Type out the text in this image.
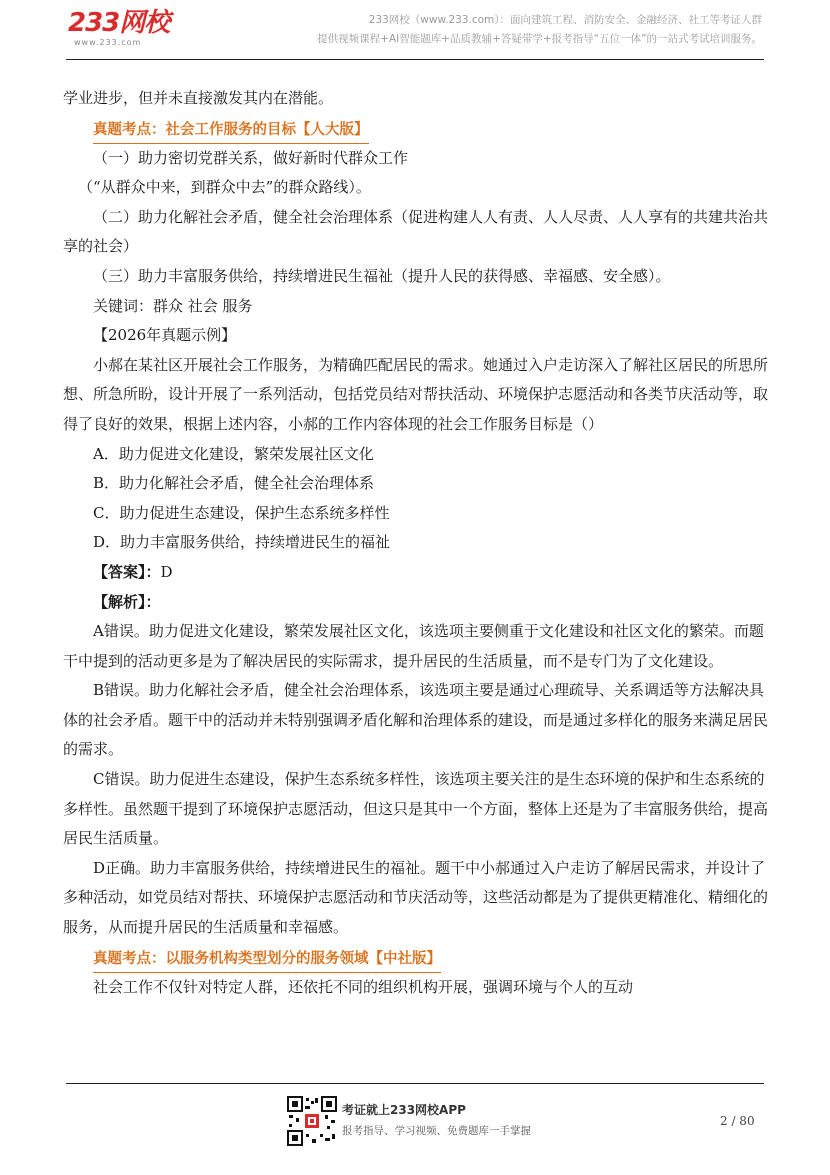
233网校
www.233.com
233网校（www.233.com）：面向建筑工程、消防安全、金融经济、社工等考证人群
提供视频课程+AI智能题库+品质教辅+答疑带学+报考指导“五位一体”的一站式考试培训服务。

学业进步，但并未直接激发其内在潜能。

真题考点：社会工作服务的目标【人大版】

（一）助力密切党群关系，做好新时代群众工作

（“从群众中来，到群众中去”的群众路线）。

（二）助力化解社会矛盾，健全社会治理体系（促进构建人人有责、人人尽责、人人享有的共建共治共享的社会）

（三）助力丰富服务供给，持续增进民生福祉（提升人民的获得感、幸福感、安全感）。

关键词：群众 社会 服务

【2026年真题示例】

小郝在某社区开展社会工作服务，为精确匹配居民的需求。她通过入户走访深入了解社区居民的所思所想、所急所盼，设计开展了一系列活动，包括党员结对帮扶活动、环境保护志愿活动和各类节庆活动等，取得了良好的效果，根据上述内容，小郝的工作内容体现的社会工作服务目标是（）

A．助力促进文化建设，繁荣发展社区文化

B．助力化解社会矛盾，健全社会治理体系

C．助力促进生态建设，保护生态系统多样性

D．助力丰富服务供给，持续增进民生的福祉

【答案】：D

【解析】：

A错误。助力促进文化建设，繁荣发展社区文化，该选项主要侧重于文化建设和社区文化的繁荣。而题干中提到的活动更多是为了解决居民的实际需求，提升居民的生活质量，而不是专门为了文化建设。

B错误。助力化解社会矛盾，健全社会治理体系，该选项主要是通过心理疏导、关系调适等方法解决具体的社会矛盾。题干中的活动并未特别强调矛盾化解和治理体系的建设，而是通过多样化的服务来满足居民的需求。

C错误。助力促进生态建设，保护生态系统多样性，该选项主要关注的是生态环境的保护和生态系统的多样性。虽然题干提到了环境保护志愿活动，但这只是其中一个方面，整体上还是为了丰富服务供给，提高居民生活质量。

D正确。助力丰富服务供给，持续增进民生的福祉。题干中小郝通过入户走访了解居民需求，并设计了多种活动，如党员结对帮扶、环境保护志愿活动和节庆活动等，这些活动都是为了提供更精准化、精细化的服务，从而提升居民的生活质量和幸福感。

真题考点：以服务机构类型划分的服务领域【中社版】

社会工作不仅针对特定人群，还依托不同的组织机构开展，强调环境与个人的互动

考证就上233网校APP
报考指导、学习视频、免费题库一手掌握
2 / 80
